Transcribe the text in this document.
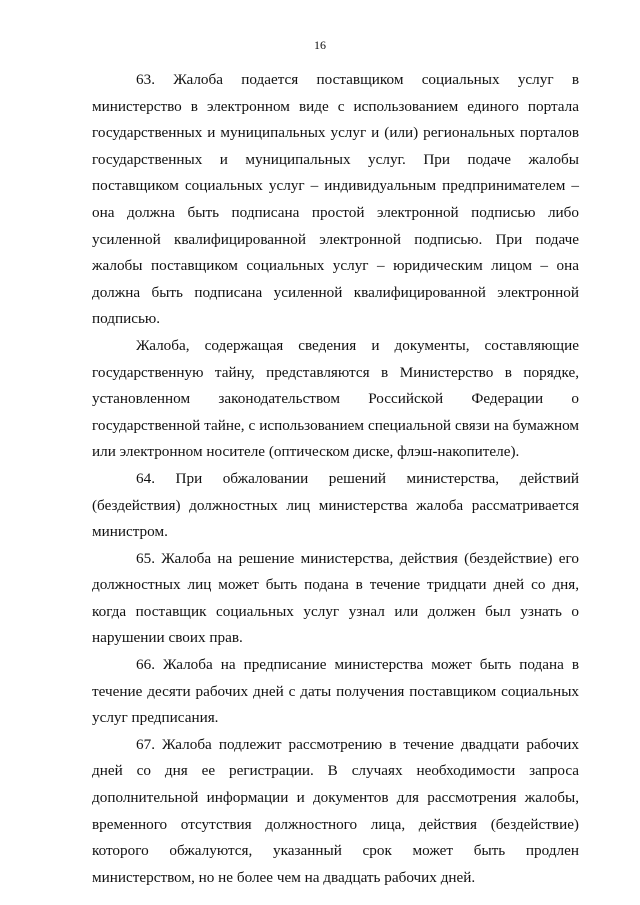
16

63. Жалоба подается поставщиком социальных услуг в министерство в электронном виде с использованием единого портала государственных и муниципальных услуг и (или) региональных порталов государственных и муниципальных услуг. При подаче жалобы поставщиком социальных услуг – индивидуальным предпринимателем – она должна быть подписана простой электронной подписью либо усиленной квалифицированной электронной подписью. При подаче жалобы поставщиком социальных услуг – юридическим лицом – она должна быть подписана усиленной квалифицированной электронной подписью.

Жалоба, содержащая сведения и документы, составляющие государственную тайну, представляются в Министерство в порядке, установленном законодательством Российской Федерации о государственной тайне, с использованием специальной связи на бумажном или электронном носителе (оптическом диске, флэш-накопителе).

64. При обжаловании решений министерства, действий (бездействия) должностных лиц министерства жалоба рассматривается министром.

65. Жалоба на решение министерства, действия (бездействие) его должностных лиц может быть подана в течение тридцати дней со дня, когда поставщик социальных услуг узнал или должен был узнать о нарушении своих прав.

66. Жалоба на предписание министерства может быть подана в течение десяти рабочих дней с даты получения поставщиком социальных услуг предписания.

67. Жалоба подлежит рассмотрению в течение двадцати рабочих дней со дня ее регистрации. В случаях необходимости запроса дополнительной информации и документов для рассмотрения жалобы, временного отсутствия должностного лица, действия (бездействие) которого обжалуются, указанный срок может быть продлен министерством, но не более чем на двадцать рабочих дней.
